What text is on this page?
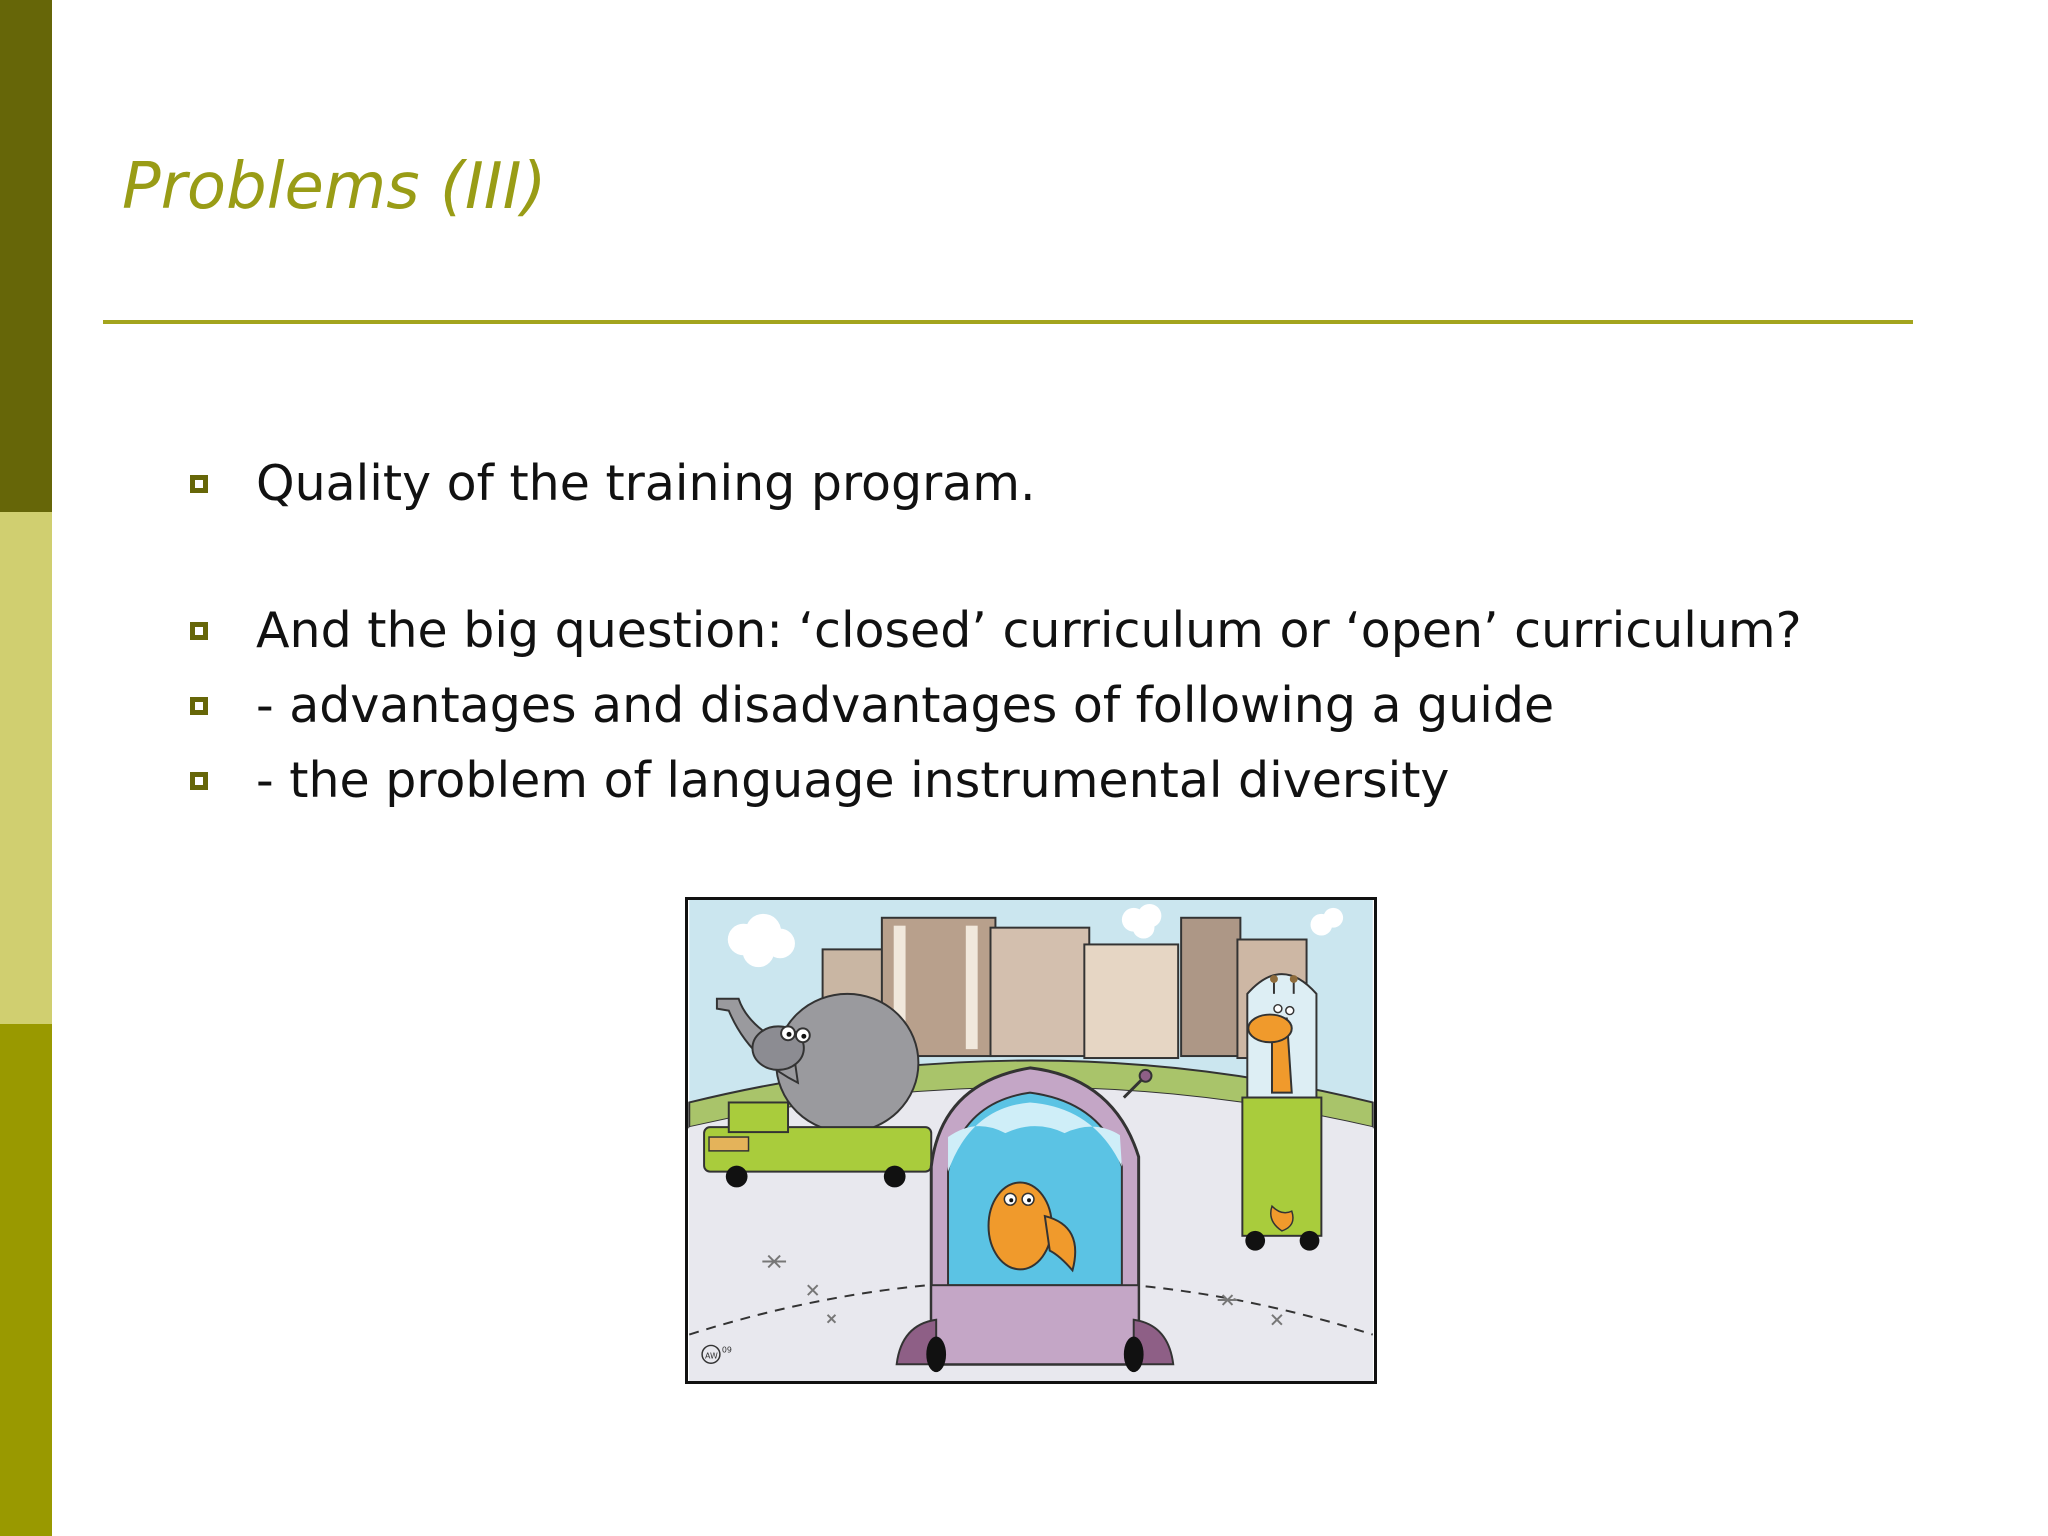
Problems (III)
Quality of the training program.
And the big question: ‘closed’ curriculum or ‘open’ curriculum?
- advantages and disadvantages of following a guide
- the problem of language instrumental diversity
AW
09
